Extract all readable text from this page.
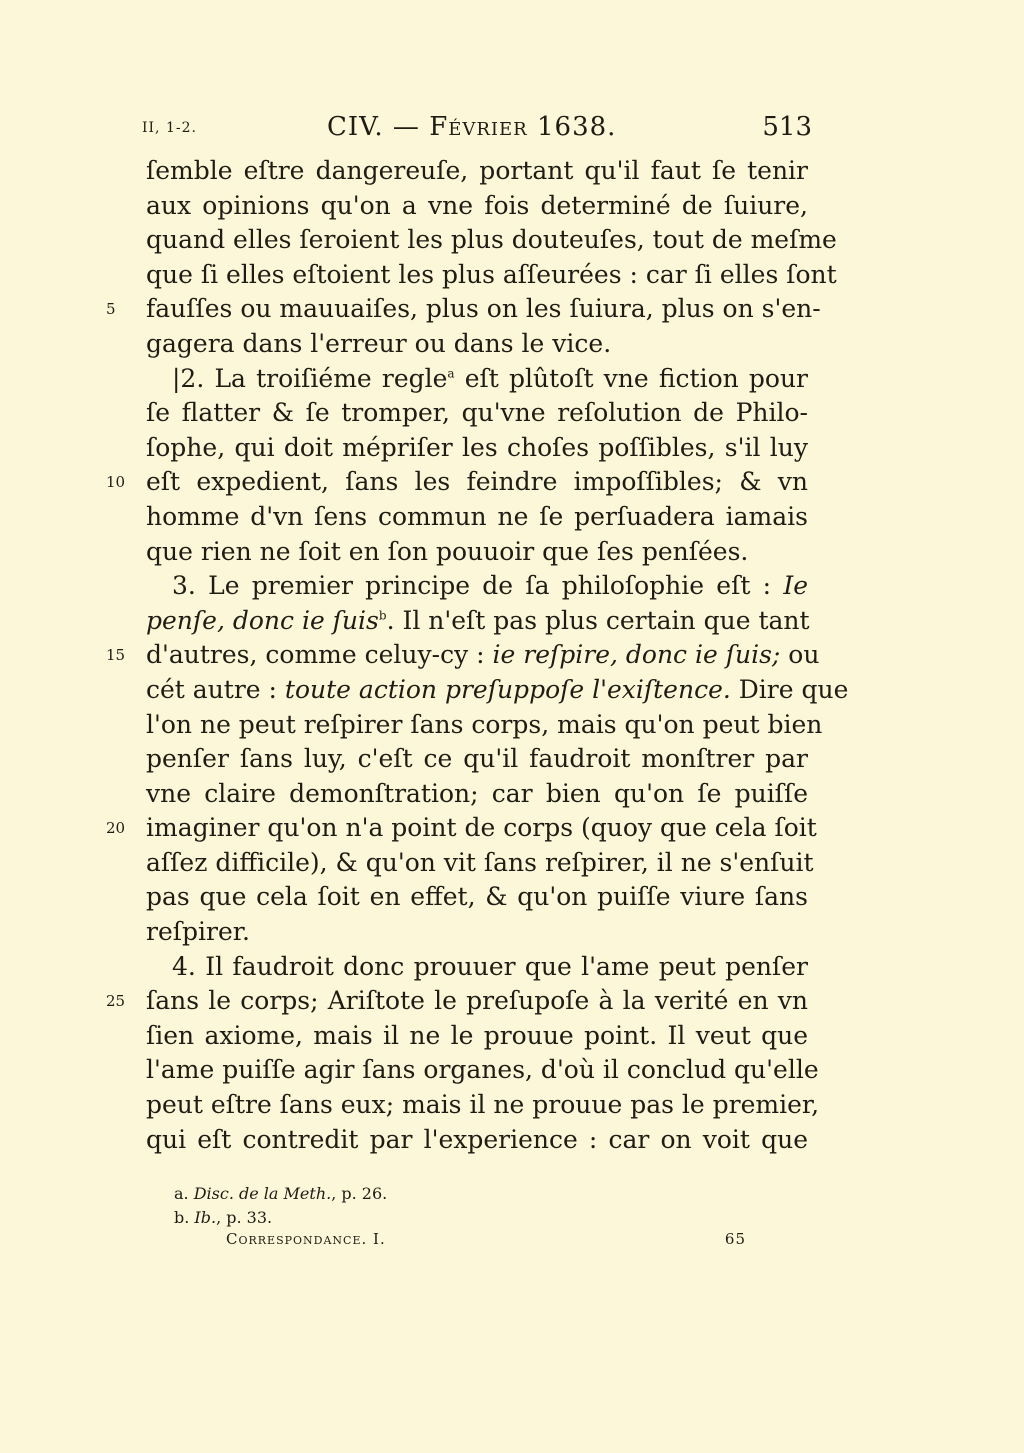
II, 1-2.	CIV. — Février 1638.	513
ſemble eſtre dangereuſe, portant qu'il faut ſe tenir
aux opinions qu'on a vne fois determiné de ſuiure,
quand elles ſeroient les plus douteuſes, tout de meſme
que ſi elles eſtoient les plus aſſeurées : car ſi elles ſont
5	fauſſes ou mauuaiſes, plus on les ſuiura, plus on s'en-
gagera dans l'erreur ou dans le vice.
|2. La troiſiéme regle$^a$ eſt plûtoſt vne fiction pour
ſe flatter & ſe tromper, qu'vne reſolution de Philo-
ſophe, qui doit mépriſer les choſes poſſibles, s'il luy
10 eſt expedient, ſans les feindre impoſſibles; & vn
homme d'vn ſens commun ne ſe perſuadera iamais
que rien ne ſoit en ſon pouuoir que ſes penſées.
3. Le premier principe de ſa philoſophie eſt : Ie
penſe, donc ie ſuis$^b$. Il n'eſt pas plus certain que tant
15 d'autres, comme celuy-cy : ie reſpire, donc ie ſuis; ou
cét autre : toute action preſuppoſe l'exiſtence. Dire que
l'on ne peut reſpirer ſans corps, mais qu'on peut bien
penſer ſans luy, c'eſt ce qu'il faudroit monſtrer par
vne claire demonſtration; car bien qu'on ſe puiſſe
20 imaginer qu'on n'a point de corps (quoy que cela ſoit
aſſez difficile), & qu'on vit ſans reſpirer, il ne s'enſuit
pas que cela ſoit en effet, & qu'on puiſſe viure ſans
reſpirer.
4. Il faudroit donc prouuer que l'ame peut penſer
25 ſans le corps; Ariſtote le preſupoſe à la verité en vn
ſien axiome, mais il ne le prouue point. Il veut que
l'ame puiſſe agir ſans organes, d'où il conclud qu'elle
peut eſtre ſans eux; mais il ne prouue pas le premier,
qui eſt contredit par l'experience : car on voit que
a. Disc. de la Meth., p. 26.
b. Ib., p. 33.
Correspondance. I.	65
